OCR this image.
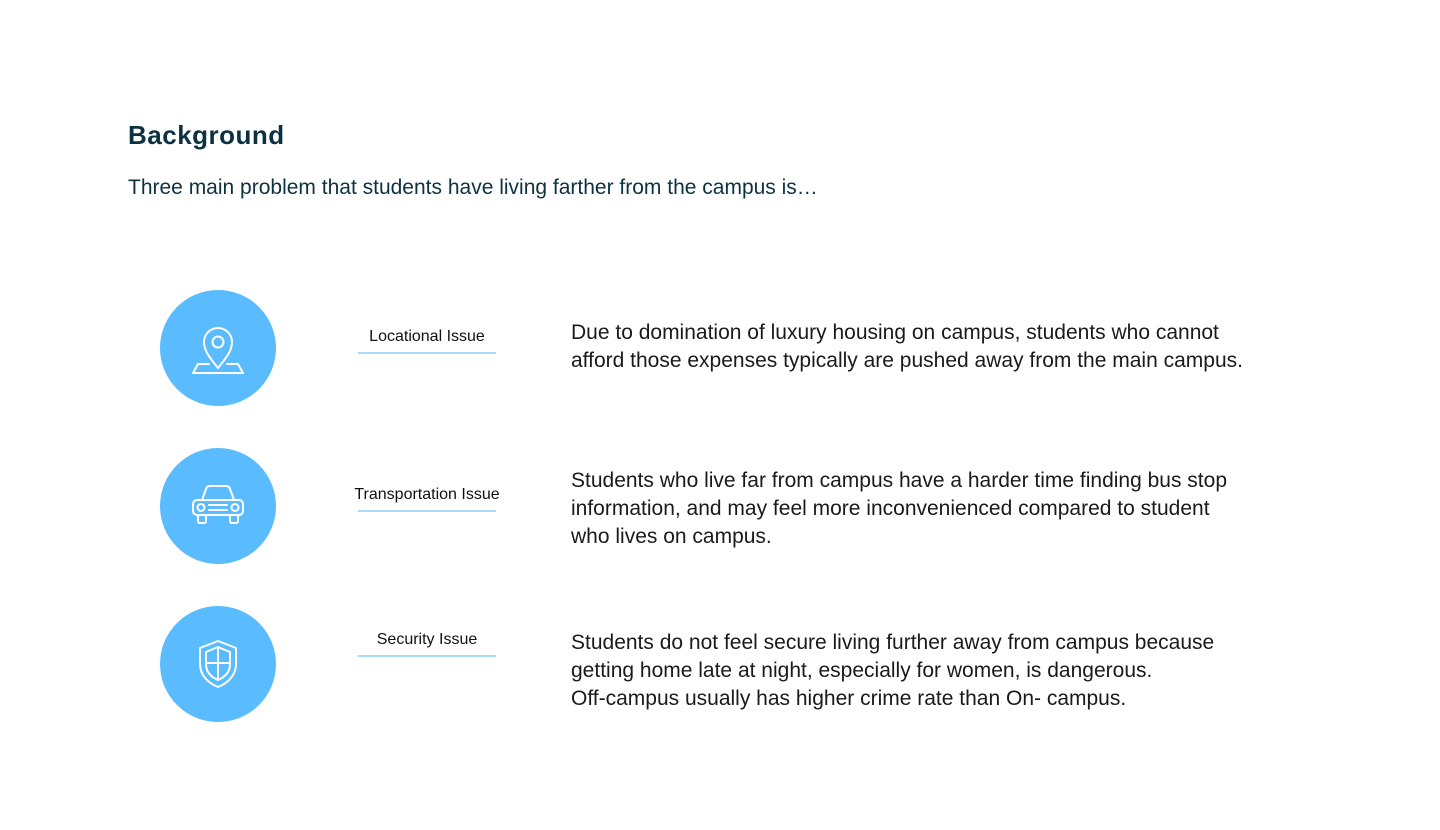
Background

Three main problem that students have living farther from the campus is…

Locational Issue	Due to domination of luxury housing on campus, students who cannot
afford those expenses typically are pushed away from the main campus.
Transportation Issue
Students who live far from campus have a harder time finding bus stop
information, and may feel more inconvenienced compared to student
who lives on campus.
Security Issue	Students do not feel secure living further away from campus because
getting home late at night, especially for women, is dangerous.
Off-campus usually has higher crime rate than On- campus.
